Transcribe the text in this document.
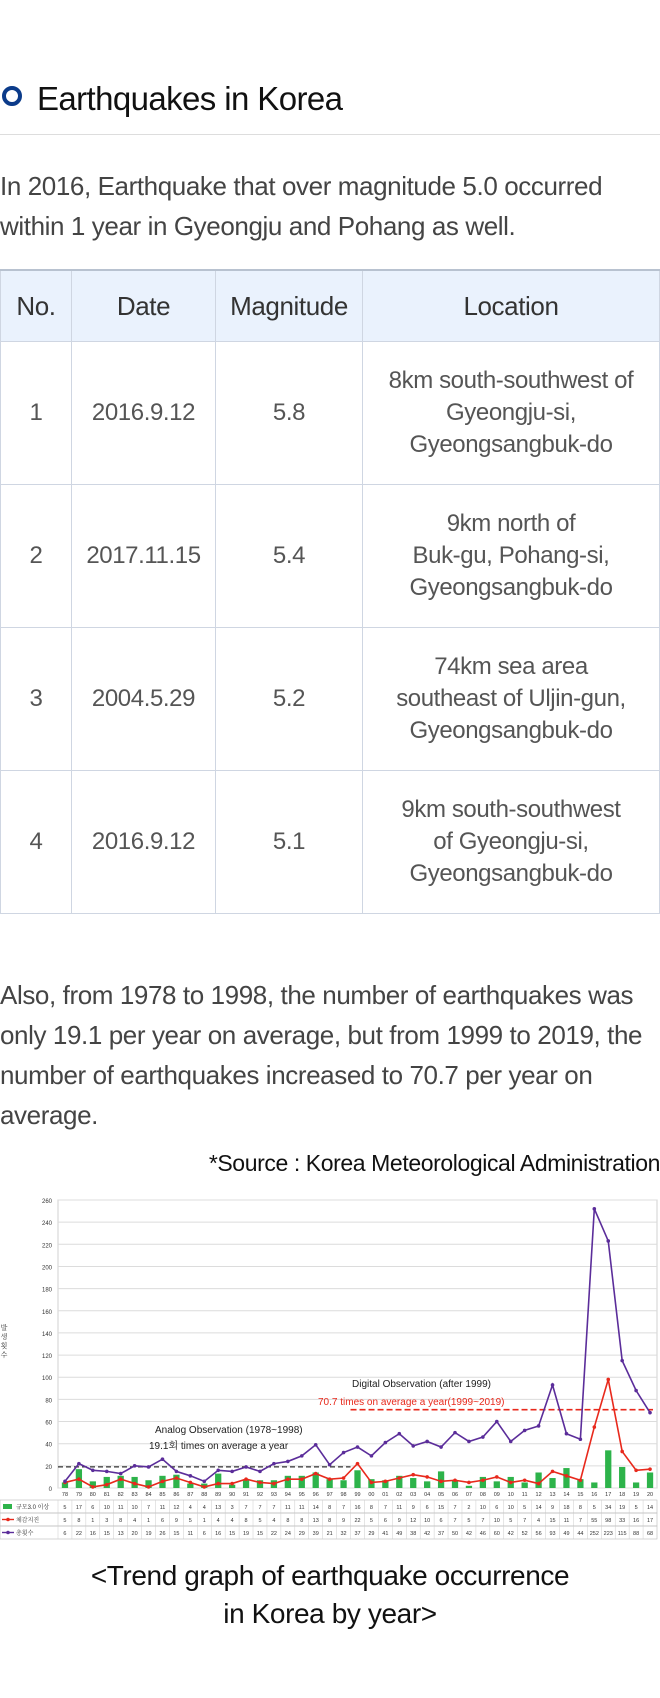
Earthquakes in Korea

In 2016, Earthquake that over magnitude 5.0 occurred within 1 year in Gyeongju and Pohang as well.

No.	Date	Magnitude	Location
1	2016.9.12	5.8	8km south-southwest of
Gyeongju-si,
Gyeongsangbuk-do

2	2017.11.15	5.4	9km north of
Buk-gu, Pohang-si,
Gyeongsangbuk-do

3	2004.5.29	5.2	74km sea area
southeast of Uljin-gun,
Gyeongsangbuk-do

4	2016.9.12	5.1	9km south-southwest
of Gyeongju-si,
Gyeongsangbuk-do

Also, from 1978 to 1998, the number of earthquakes was only 19.1 per year on average, but from 1999 to 2019, the number of earthquakes increased to 70.7 per year on average.

*Source : Korea Meteorological Administration
0
20
40
60
80
100
120
140
160
180
200
220
240
260
발
생
횟
수
Analog Observation (1978~1998)
19.1회 times on average a year
Digital Observation (after 1999)
70.7 times on average a year(1999~2019)
78 79 80 81 82 83 84 85 86 87 88 89 90 91 92 93 94 95 96 97 98 99 00 01 02 03 04 05 06 07 08 09 10 11 12 13 14 15 16 17 18 19 20
규모3.0 이상	5 17 6 10 11 10 7 11 12 4 4 13 3 7 7 7 11 11 14 8 7 16 8 7 11 9 6 15 7 2 10 6 10 5 14 9 18 8 5 34 19 5 14
체감지진	5 8 1 3 8 4 1 6 9 5 1 4 4 8 5 4 8 8 13 8 9 22 5 6 9 12 10 6 7 5 7 10 5 7 4 15 11 7 55 98 33 16 17
총횟수	6 22 16 15 13 20 19 26 15 11 6 16 15 19 15 22 24 29 39 21 32 37 29 41 49 38 42 37 50 42 46 60 42 52 56 93 49 44 252 223 115 88 68
<Trend graph of earthquake occurrence
in Korea by year>
